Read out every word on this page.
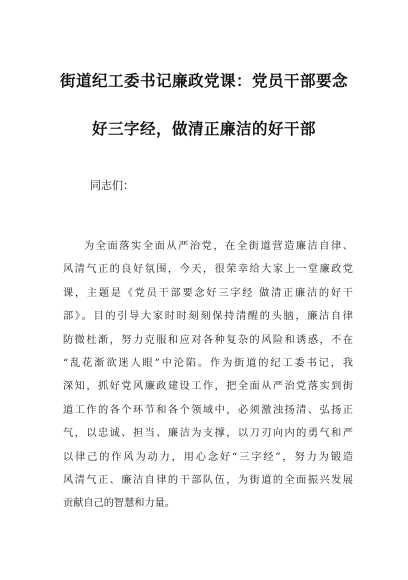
街道纪工委书记廉政党课：党员干部要念
好三字经，做清正廉洁的好干部
同志们：
为全面落实全面从严治党，在全街道营造廉洁自律、
风清气正的良好氛围，今天，很荣幸给大家上一堂廉政党
课，主题是《党员干部要念好三字经 做清正廉洁的好干
部》。目的引导大家时时刻刻保持清醒的头脑，廉洁自律
防微杜渐，努力克服和应对各种复杂的风险和诱惑，不在
“乱花渐欲迷人眼”中沦陷。作为街道的纪工委书记，我
深知，抓好党风廉政建设工作，把全面从严治党落实到街
道工作的各个环节和各个领域中，必须激浊扬清、弘扬正
气，以忠诚、担当、廉洁为支撑，以刀刃向内的勇气和严
以律己的作风为动力，用心念好“三字经”，努力为锻造
风清气正、廉洁自律的干部队伍，为街道的全面振兴发展
贡献自己的智慧和力量。
